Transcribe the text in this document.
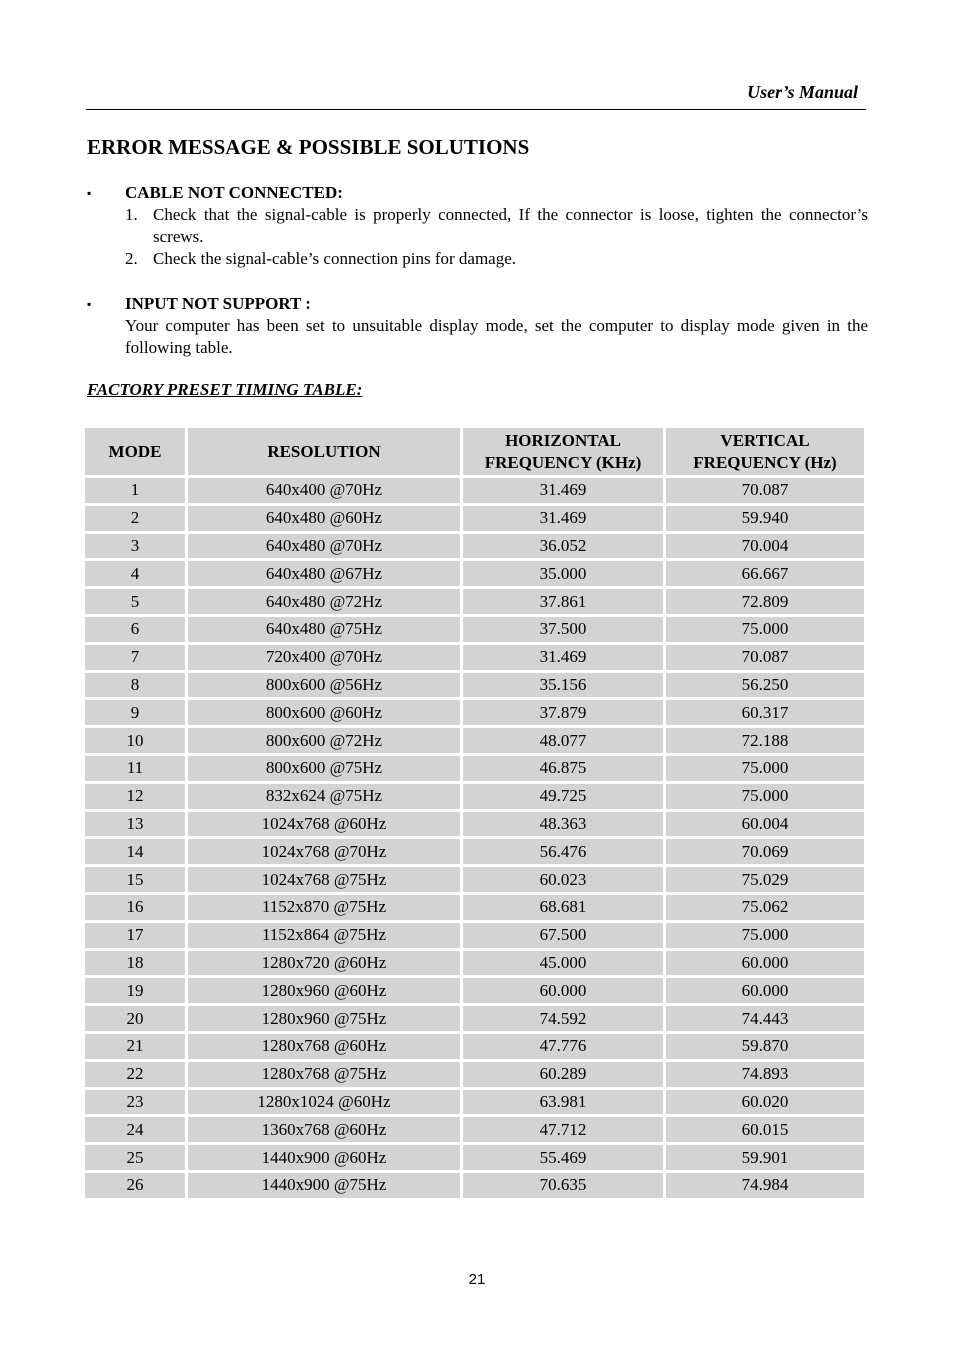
User’s Manual
ERROR MESSAGE & POSSIBLE SOLUTIONS
▪	CABLE NOT CONNECTED:
1. Check that the signal-cable is properly connected, If the connector is loose, tighten the connector’s screws.
2. Check the signal-cable’s connection pins for damage.
▪	INPUT NOT SUPPORT :
Your computer has been set to unsuitable display mode, set the computer to display mode given in the following table.
FACTORY PRESET TIMING TABLE:
MODE	RESOLUTION	HORIZONTAL FREQUENCY (KHz)	VERTICAL FREQUENCY (Hz)
1	640x400 @70Hz	31.469	70.087
2	640x480 @60Hz	31.469	59.940
3	640x480 @70Hz	36.052	70.004
4	640x480 @67Hz	35.000	66.667
5	640x480 @72Hz	37.861	72.809
6	640x480 @75Hz	37.500	75.000
7	720x400 @70Hz	31.469	70.087
8	800x600 @56Hz	35.156	56.250
9	800x600 @60Hz	37.879	60.317
10	800x600 @72Hz	48.077	72.188
11	800x600 @75Hz	46.875	75.000
12	832x624 @75Hz	49.725	75.000
13	1024x768 @60Hz	48.363	60.004
14	1024x768 @70Hz	56.476	70.069
15	1024x768 @75Hz	60.023	75.029
16	1152x870 @75Hz	68.681	75.062
17	1152x864 @75Hz	67.500	75.000
18	1280x720 @60Hz	45.000	60.000
19	1280x960 @60Hz	60.000	60.000
20	1280x960 @75Hz	74.592	74.443
21	1280x768 @60Hz	47.776	59.870
22	1280x768 @75Hz	60.289	74.893
23	1280x1024 @60Hz	63.981	60.020
24	1360x768 @60Hz	47.712	60.015
25	1440x900 @60Hz	55.469	59.901
26	1440x900 @75Hz	70.635	74.984
21
